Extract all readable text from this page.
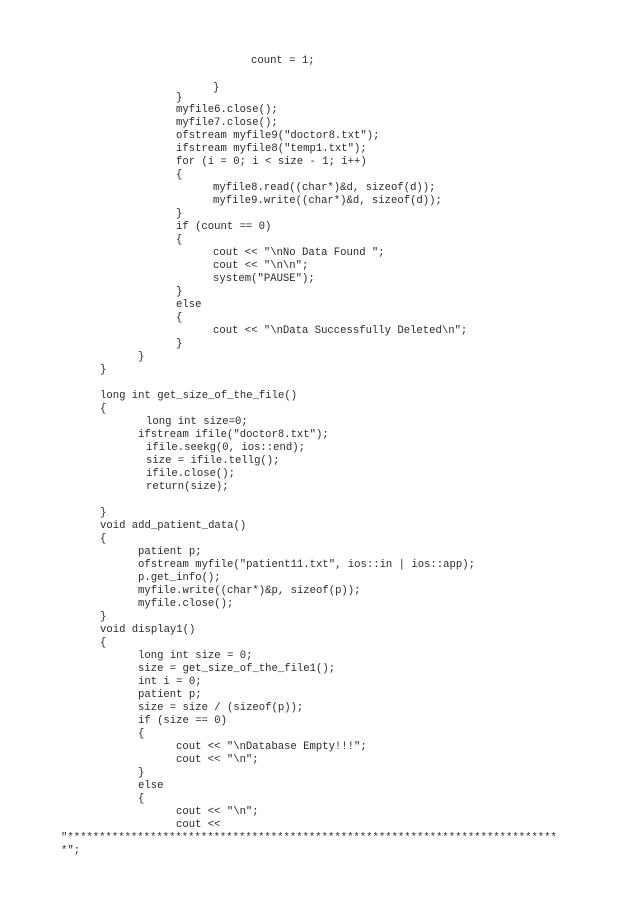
count = 1;
}
}
myfile6.close();
myfile7.close();
ofstream myfile9("doctor8.txt");
ifstream myfile8("temp1.txt");
for (i = 0; i < size - 1; i++)
{
myfile8.read((char*)&d, sizeof(d));
myfile9.write((char*)&d, sizeof(d));
}
if (count == 0)
{
cout << "\nNo Data Found ";
cout << "\n\n";
system("PAUSE");
}
else
{
cout << "\nData Successfully Deleted\n";
}
}
}
long int get_size_of_the_file()
{
long int size=0;
ifstream ifile("doctor8.txt");
ifile.seekg(0, ios::end);
size = ifile.tellg();
ifile.close();
return(size);
}
void add_patient_data()
{
patient p;
ofstream myfile("patient11.txt", ios::in | ios::app);
p.get_info();
myfile.write((char*)&p, sizeof(p));
myfile.close();
}
void display1()
{
long int size = 0;
size = get_size_of_the_file1();
int i = 0;
patient p;
size = size / (sizeof(p));
if (size == 0)
{
cout << "\nDatabase Empty!!!";
cout << "\n";
}
else
{
cout << "\n";
cout <<
"*****************************************************************************
*";
